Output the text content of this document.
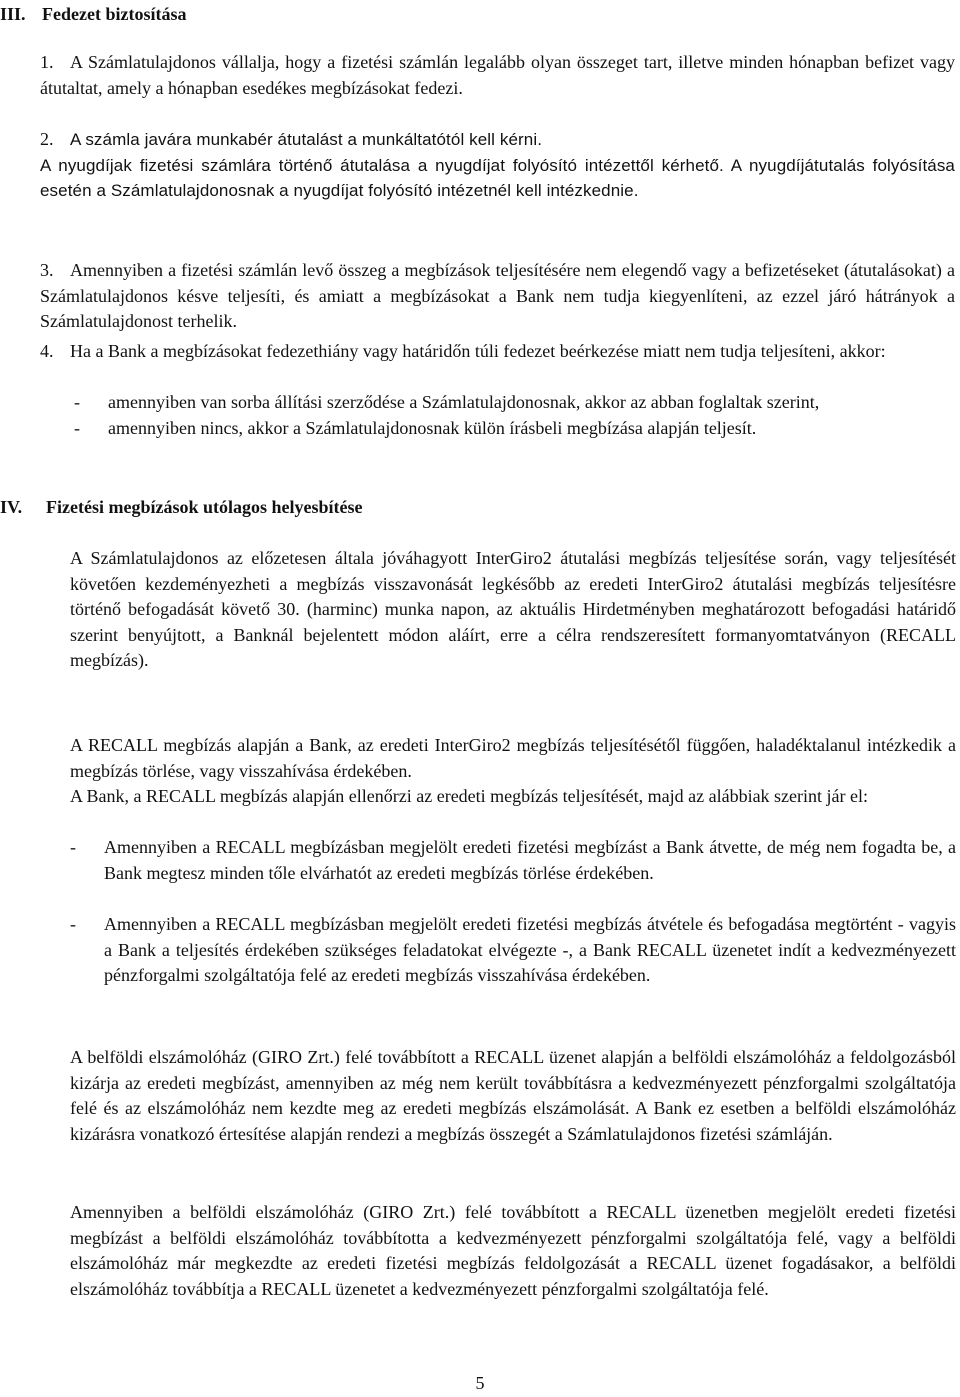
III. Fedezet biztosítása
1. A Számlatulajdonos vállalja, hogy a fizetési számlán legalább olyan összeget tart, illetve minden hónapban befizet vagy átutaltat, amely a hónapban esedékes megbízásokat fedezi.

2. A számla javára munkabér átutalást a munkáltatótól kell kérni.

A nyugdíjak fizetési számlára történő átutalása a nyugdíjat folyósító intézettől kérhető. A nyugdíjátutalás folyósítása esetén a Számlatulajdonosnak a nyugdíjat folyósító intézetnél kell intézkednie.

3. Amennyiben a fizetési számlán levő összeg a megbízások teljesítésére nem elegendő vagy a befizetéseket (átutalásokat) a Számlatulajdonos késve teljesíti, és amiatt a megbízásokat a Bank nem tudja kiegyenlíteni, az ezzel járó hátrányok a Számlatulajdonost terhelik.

4. Ha a Bank a megbízásokat fedezethiány vagy határidőn túli fedezet beérkezése miatt nem tudja teljesíteni, akkor:

- amennyiben van sorba állítási szerződése a Számlatulajdonosnak, akkor az abban foglaltak szerint,
- amennyiben nincs, akkor a Számlatulajdonosnak külön írásbeli megbízása alapján teljesít.
IV. Fizetési megbízások utólagos helyesbítése

A Számlatulajdonos az előzetesen általa jóváhagyott InterGiro2 átutalási megbízás teljesítése során, vagy teljesítését követően kezdeményezheti a megbízás visszavonását legkésőbb az eredeti InterGiro2 átutalási megbízás teljesítésre történő befogadását követő 30. (harminc) munka napon, az aktuális Hirdetményben meghatározott befogadási határidő szerint benyújtott, a Banknál bejelentett módon aláírt, erre a célra rendszeresített formanyomtatványon (RECALL megbízás).

A RECALL megbízás alapján a Bank, az eredeti InterGiro2 megbízás teljesítésétől függően, haladéktalanul intézkedik a megbízás törlése, vagy visszahívása érdekében.

A Bank, a RECALL megbízás alapján ellenőrzi az eredeti megbízás teljesítését, majd az alábbiak szerint jár el:

- Amennyiben a RECALL megbízásban megjelölt eredeti fizetési megbízást a Bank átvette, de még nem fogadta be, a Bank megtesz minden tőle elvárhatót az eredeti megbízás törlése érdekében.
- Amennyiben a RECALL megbízásban megjelölt eredeti fizetési megbízás átvétele és befogadása megtörtént - vagyis a Bank a teljesítés érdekében szükséges feladatokat elvégezte -, a Bank RECALL üzenetet indít a kedvezményezett pénzforgalmi szolgáltatója felé az eredeti megbízás visszahívása érdekében.

A belföldi elszámolóház (GIRO Zrt.) felé továbbított a RECALL üzenet alapján a belföldi elszámolóház a feldolgozásból kizárja az eredeti megbízást, amennyiben az még nem került továbbításra a kedvezményezett pénzforgalmi szolgáltatója felé és az elszámolóház nem kezdte meg az eredeti megbízás elszámolását. A Bank ez esetben a belföldi elszámolóház kizárásra vonatkozó értesítése alapján rendezi a megbízás összegét a Számlatulajdonos fizetési számláján.

Amennyiben a belföldi elszámolóház (GIRO Zrt.) felé továbbított a RECALL üzenetben megjelölt eredeti fizetési megbízást a belföldi elszámolóház továbbította a kedvezményezett pénzforgalmi szolgáltatója felé, vagy a belföldi elszámolóház már megkezdte az eredeti fizetési megbízás feldolgozását a RECALL üzenet fogadásakor, a belföldi elszámolóház továbbítja a RECALL üzenetet a kedvezményezett pénzforgalmi szolgáltatója felé.

5
